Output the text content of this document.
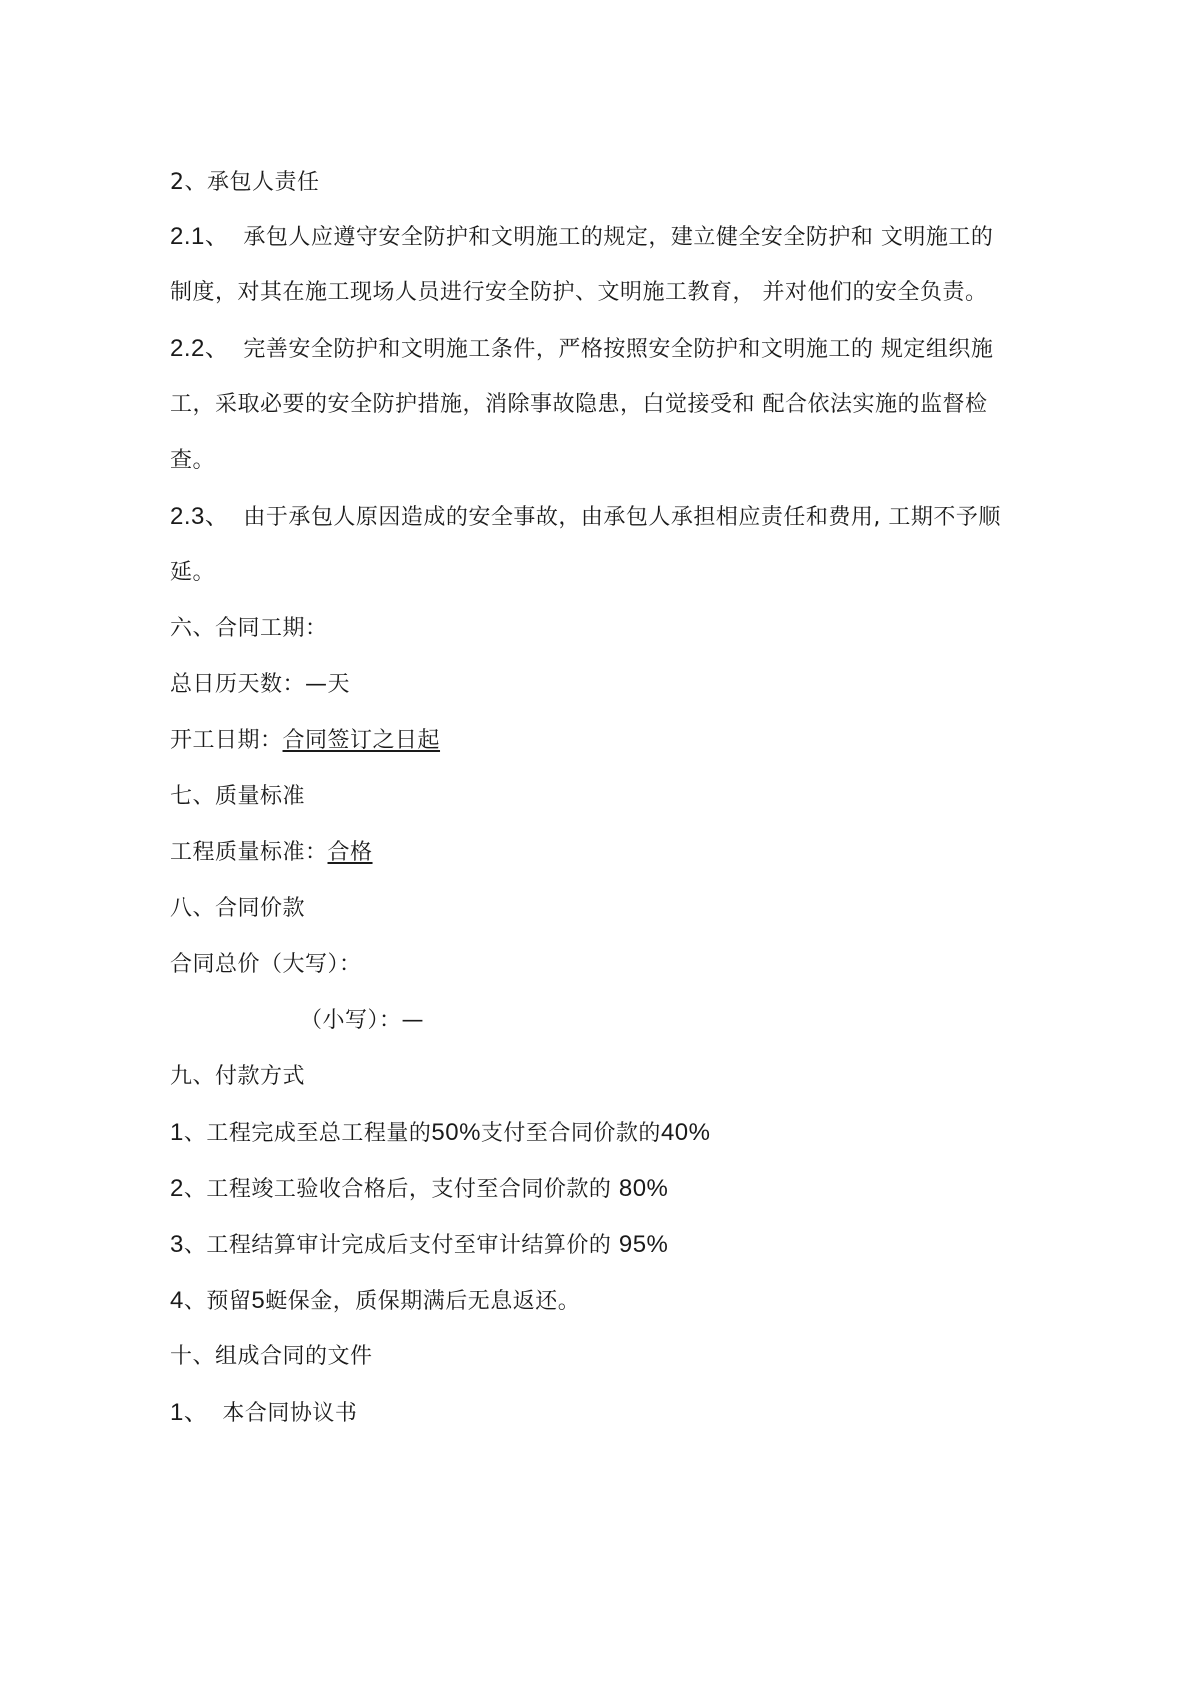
2、承包人责任
2.1、 承包人应遵守安全防护和文明施工的规定，建立健全安全防护和 文明施工的
制度，对其在施工现场人员进行安全防护、文明施工教育， 并对他们的安全负责。
2.2、 完善安全防护和文明施工条件，严格按照安全防护和文明施工的 规定组织施
工，采取必要的安全防护措施，消除事故隐患，白觉接受和 配合依法实施的监督检
查。
2.3、 由于承包人原因造成的安全事故，由承包人承担相应责任和费用, 工期不予顺
延。
六、合同工期：
总日历天数：—天
开工日期：合同签订之日起
七、质量标准
工程质量标准：合格
八、合同价款
合同总价（大写）：
（小写）：—
九、付款方式
1、工程完成至总工程量的50%支付至合同价款的40%
2、工程竣工验收合格后，支付至合同价款的 80%
3、工程结算审计完成后支付至审计结算价的 95%
4、预留5蜓保金，质保期满后无息返还。
十、组成合同的文件
1、 本合同协议书
